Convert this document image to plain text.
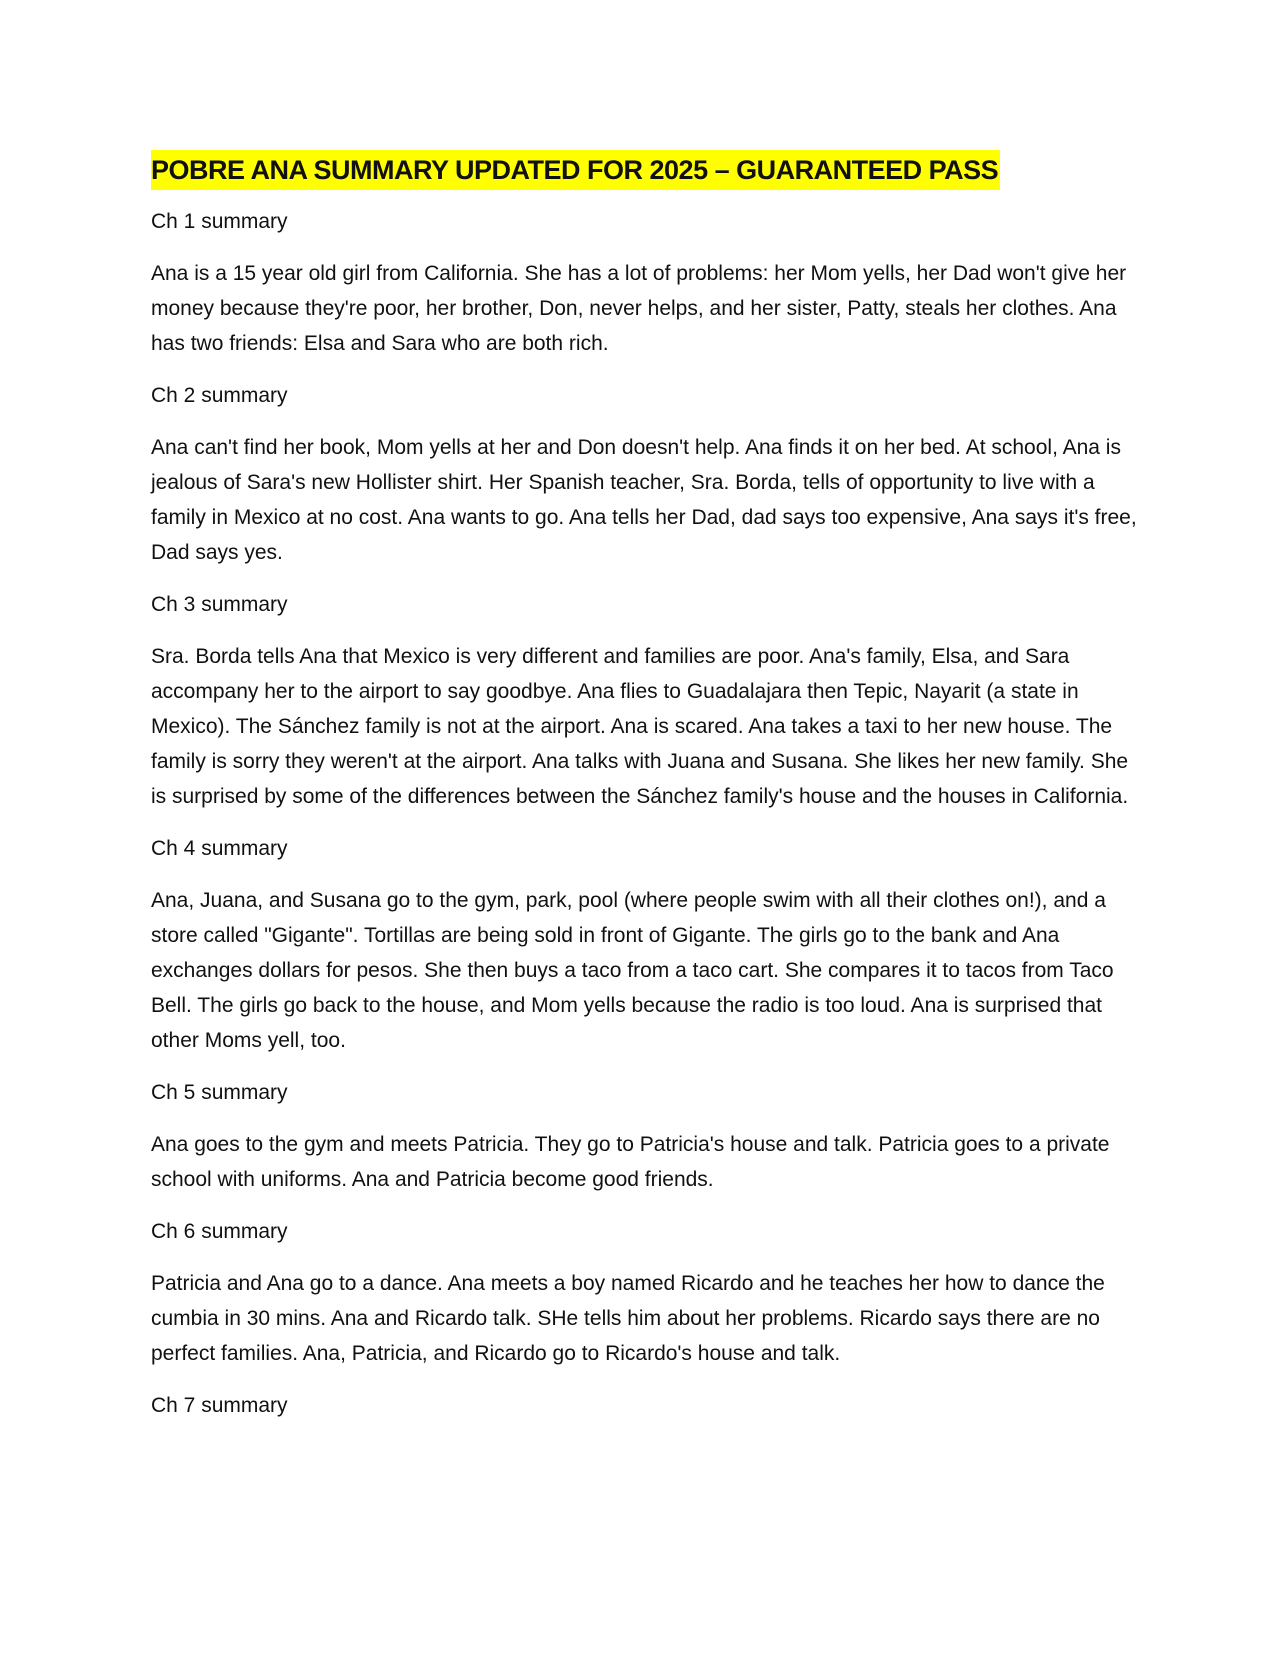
POBRE ANA SUMMARY UPDATED FOR 2025 – GUARANTEED PASS
Ch 1 summary
Ana is a 15 year old girl from California. She has a lot of problems: her Mom yells, her Dad won't give her money because they're poor, her brother, Don, never helps, and her sister, Patty, steals her clothes. Ana has two friends: Elsa and Sara who are both rich.
Ch 2 summary
Ana can't find her book, Mom yells at her and Don doesn't help. Ana finds it on her bed. At school, Ana is jealous of Sara's new Hollister shirt. Her Spanish teacher, Sra. Borda, tells of opportunity to live with a family in Mexico at no cost. Ana wants to go. Ana tells her Dad, dad says too expensive, Ana says it's free, Dad says yes.
Ch 3 summary
Sra. Borda tells Ana that Mexico is very different and families are poor. Ana's family, Elsa, and Sara accompany her to the airport to say goodbye. Ana flies to Guadalajara then Tepic, Nayarit (a state in Mexico). The Sánchez family is not at the airport. Ana is scared. Ana takes a taxi to her new house. The family is sorry they weren't at the airport. Ana talks with Juana and Susana. She likes her new family. She is surprised by some of the differences between the Sánchez family's house and the houses in California.
Ch 4 summary
Ana, Juana, and Susana go to the gym, park, pool (where people swim with all their clothes on!), and a store called "Gigante". Tortillas are being sold in front of Gigante. The girls go to the bank and Ana exchanges dollars for pesos. She then buys a taco from a taco cart. She compares it to tacos from Taco Bell. The girls go back to the house, and Mom yells because the radio is too loud. Ana is surprised that other Moms yell, too.
Ch 5 summary
Ana goes to the gym and meets Patricia. They go to Patricia's house and talk. Patricia goes to a private school with uniforms. Ana and Patricia become good friends.
Ch 6 summary
Patricia and Ana go to a dance. Ana meets a boy named Ricardo and he teaches her how to dance the cumbia in 30 mins. Ana and Ricardo talk. SHe tells him about her problems. Ricardo says there are no perfect families. Ana, Patricia, and Ricardo go to Ricardo's house and talk.
Ch 7 summary
